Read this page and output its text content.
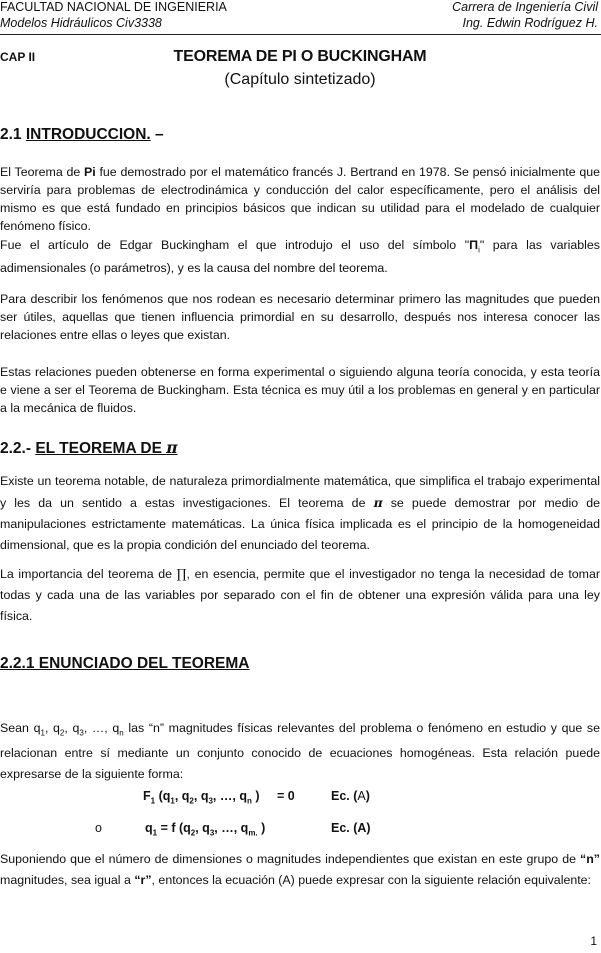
FACULTAD NACIONAL DE INGENIERIA
Modelos Hidráulicos Civ3338
Carrera de Ingeniería Civil
Ing. Edwin Rodríguez H.
CAP II	TEOREMA DE PI O BUCKINGHAM
(Capítulo sintetizado)
2.1 INTRODUCCION. –

El Teorema de Pi fue demostrado por el matemático francés J. Bertrand en 1978. Se pensó inicialmente que serviría para problemas de electrodinámica y conducción del calor específicamente, pero el análisis del mismo es que está fundado en principios básicos que indican su utilidad para el modelado de cualquier fenómeno físico.

Fue el artículo de Edgar Buckingham el que introdujo el uso del símbolo "$\Pi_i$" para las variables adimensionales (o parámetros), y es la causa del nombre del teorema.

Para describir los fenómenos que nos rodean es necesario determinar primero las magnitudes que pueden ser útiles, aquellas que tienen influencia primordial en su desarrollo, después nos interesa conocer las relaciones entre ellas o leyes que existan.

Estas relaciones pueden obtenerse en forma experimental o siguiendo alguna teoría conocida, y esta teoría e viene a ser el Teorema de Buckingham. Esta técnica es muy útil a los problemas en general y en particular a la mecánica de fluidos.

2.2.- EL TEOREMA DE π

Existe un teorema notable, de naturaleza primordialmente matemática, que simplifica el trabajo experimental y les da un sentido a estas investigaciones. El teorema de π se puede demostrar por medio de manipulaciones estrictamente matemáticas. La única física implicada es el principio de la homogeneidad dimensional, que es la propia condición del enunciado del teorema.

La importancia del teorema de ∏, en esencia, permite que el investigador no tenga la necesidad de tomar todas y cada una de las variables por separado con el fin de obtener una expresión válida para una ley física.

2.2.1 ENUNCIADO DEL TEOREMA

Sean $q_1$, $q_2$, $q_3$, …, $q_n$ las “n” magnitudes físicas relevantes del problema o fenómeno en estudio y que se relacionan entre sí mediante un conjunto conocido de ecuaciones homogéneas. Esta relación puede expresarse de la siguiente forma:

$F_1$ ($q_1$, $q_2$, $q_3$, …, $q_n$ ) = 0	Ec. (A)
o	$q_1 = f$ ($q_2$, $q_3$, …, $q_{m.}$ )	Ec. (A)

Suponiendo que el número de dimensiones o magnitudes independientes que existan en este grupo de “n” magnitudes, sea igual a “r”, entonces la ecuación (A) puede expresar con la siguiente relación equivalente:

1
